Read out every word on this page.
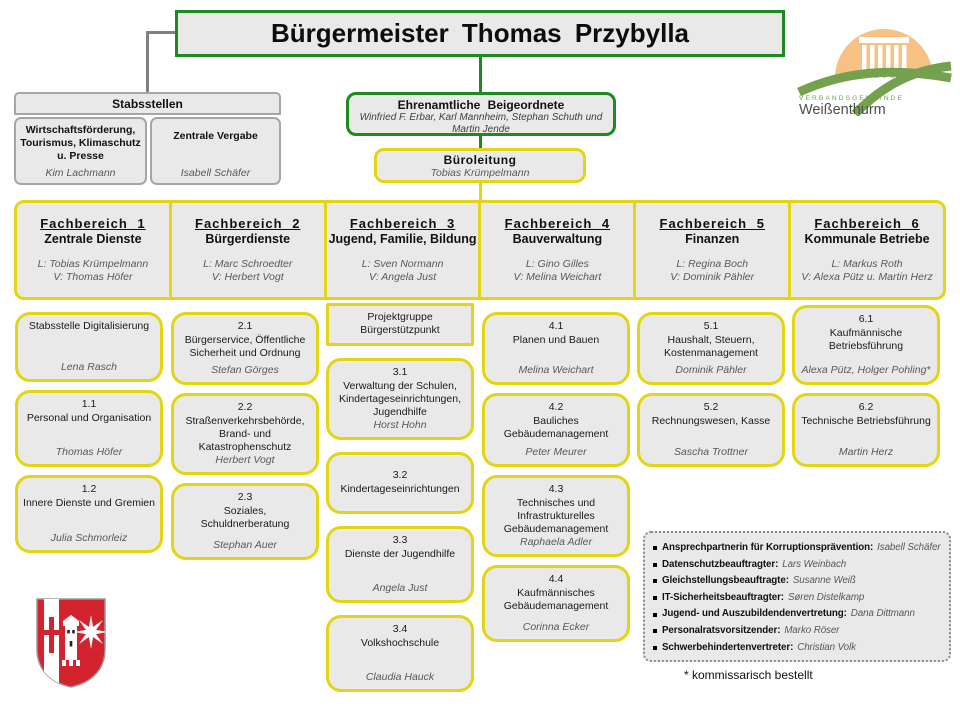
Bürgermeister Thomas Przybylla
VERBANDSGEMEINDE
Weißenthurm
Stabsstellen
Wirtschaftsförderung, Tourismus, Klimaschutz u. Presse
Kim Lachmann
Zentrale Vergabe
Isabell Schäfer
Ehrenamtliche Beigeordnete
Winfried F. Erbar, Karl Mannheim, Stephan Schuth und Martin Jende
Büroleitung
Tobias Krümpelmann
Fachbereich 1
Zentrale Dienste
L: Tobias Krümpelmann
V: Thomas Höfer
Fachbereich 2
Bürgerdienste
L: Marc Schroedter
V: Herbert Vogt
Fachbereich 3
Jugend, Familie, Bildung
L: Sven Normann
V: Angela Just
Fachbereich 4
Bauverwaltung
L: Gino Gilles
V: Melina Weichart
Fachbereich 5
Finanzen
L: Regina Boch
V: Dominik Pähler
Fachbereich 6
Kommunale Betriebe
L: Markus Roth
V: Alexa Pütz u. Martin Herz
Stabsstelle Digitalisierung
Lena Rasch
1.1
Personal und Organisation
Thomas Höfer
1.2
Innere Dienste und Gremien
Julia Schmorleiz
2.1
Bürgerservice, Öffentliche Sicherheit und Ordnung
Stefan Görges
2.2
Straßenverkehrsbehörde, Brand- und Katastrophenschutz
Herbert Vogt
2.3
Soziales, Schuldnerberatung
Stephan Auer
Projektgruppe Bürgerstützpunkt
3.1
Verwaltung der Schulen, Kindertageseinrichtungen, Jugendhilfe
Horst Hohn
3.2
Kindertageseinrichtungen
3.3
Dienste der Jugendhilfe
Angela Just
3.4
Volkshochschule
Claudia Hauck
4.1
Planen und Bauen
Melina Weichart
4.2
Bauliches Gebäudemanagement
Peter Meurer
4.3
Technisches und Infrastrukturelles Gebäudemanagement
Raphaela Adler
4.4
Kaufmännisches Gebäudemanagement
Corinna Ecker
5.1
Haushalt, Steuern, Kostenmanagement
Dominik Pähler
5.2
Rechnungswesen, Kasse
Sascha Trottner
6.1
Kaufmännische Betriebsführung
Alexa Pütz, Holger Pohling*
6.2
Technische Betriebsführung
Martin Herz
Ansprechpartnerin für Korruptionsprävention: Isabell Schäfer
Datenschutzbeauftragter: Lars Weinbach
Gleichstellungsbeauftragte: Susanne Weiß
IT-Sicherheitsbeauftragter: Søren Distelkamp
Jugend- und Auszubildendenvertretung: Dana Dittmann
Personalratsvorsitzender: Marko Röser
Schwerbehindertenvertreter: Christian Volk
* kommissarisch bestellt
